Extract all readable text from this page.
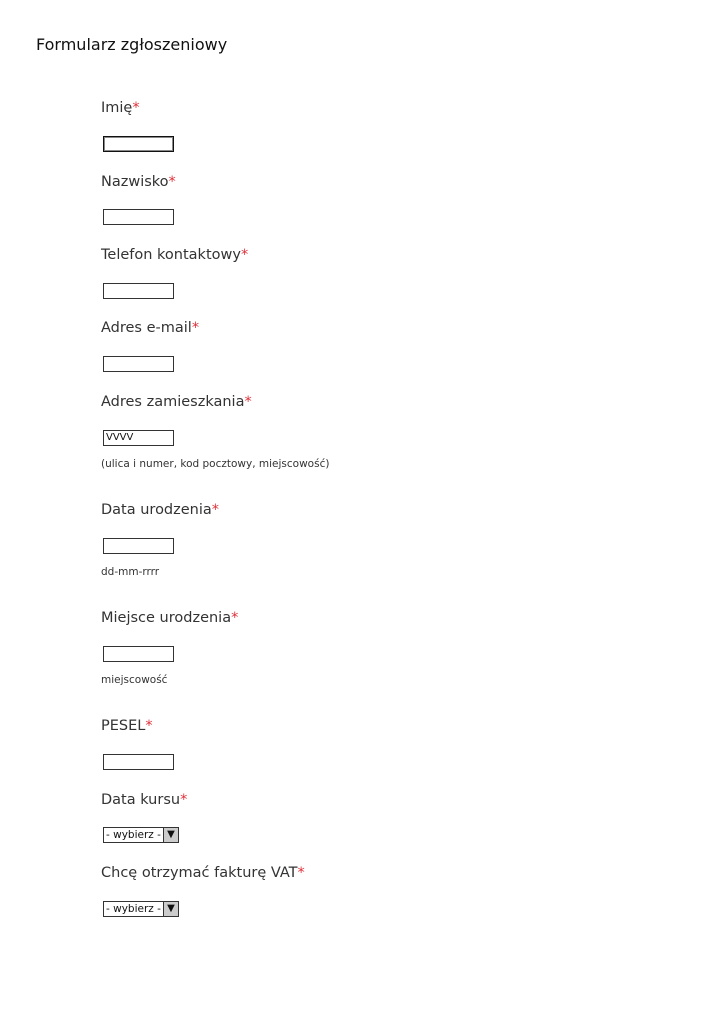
Formularz zgłoszeniowy
Imię*
Nazwisko*
Telefon kontaktowy*
Adres e-mail*
Adres zamieszkania*
VVVV
(ulica i numer, kod pocztowy, miejscowość)
Data urodzenia*
dd-mm-rrrr
Miejsce urodzenia*
miejscowość
PESEL*
Data kursu*
- wybierz - ▼
Chcę otrzymać fakturę VAT*
- wybierz - ▼
